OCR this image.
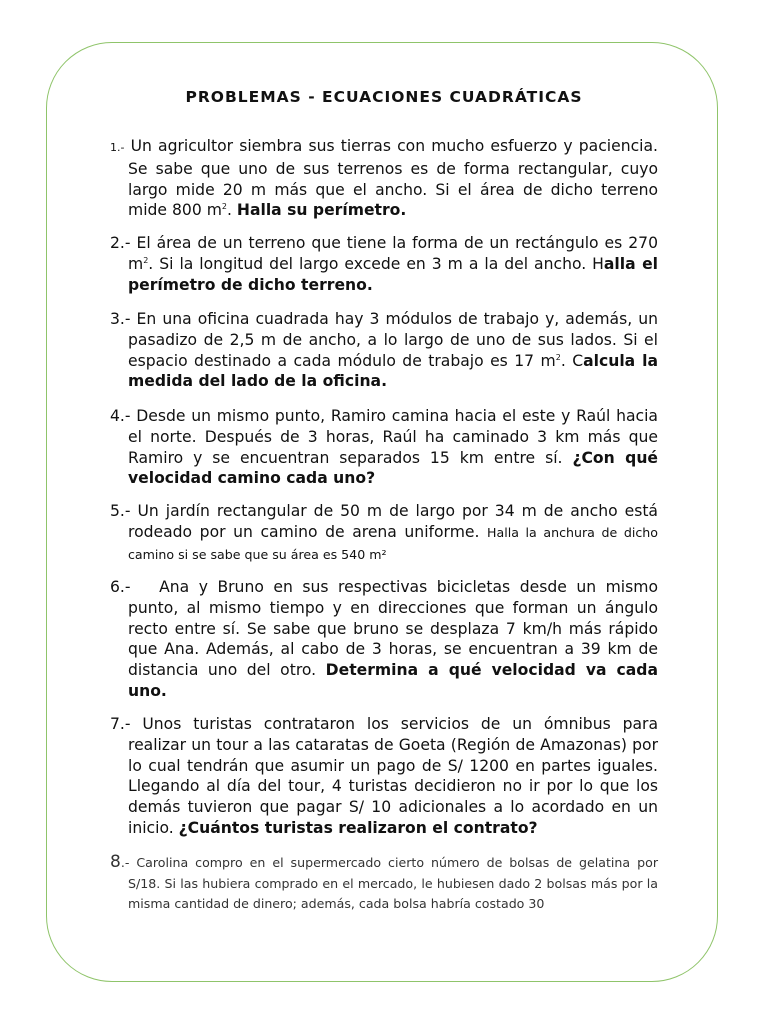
PROBLEMAS - ECUACIONES CUADRÁTICAS

1.- Un agricultor siembra sus tierras con mucho esfuerzo y paciencia. Se sabe que uno de sus terrenos es de forma rectangular, cuyo largo mide 20 m más que el ancho. Si el área de dicho terreno mide 800 $m^2$. Halla su perímetro.

2.- El área de un terreno que tiene la forma de un rectángulo es 270 $m^2$. Si la longitud del largo excede en 3 m a la del ancho. Halla el perímetro de dicho terreno.

3.- En una oficina cuadrada hay 3 módulos de trabajo y, además, un pasadizo de 2,5 m de ancho, a lo largo de uno de sus lados. Si el espacio destinado a cada módulo de trabajo es 17 $m^2$. Calcula la medida del lado de la oficina.

4.- Desde un mismo punto, Ramiro camina hacia el este y Raúl hacia el norte. Después de 3 horas, Raúl ha caminado 3 km más que Ramiro y se encuentran separados 15 km entre sí. ¿Con qué velocidad camino cada uno?

5.- Un jardín rectangular de 50 m de largo por 34 m de ancho está rodeado por un camino de arena uniforme. Halla la anchura de dicho camino si se sabe que su área es 540 m²

6.-   Ana y Bruno en sus respectivas bicicletas desde un mismo punto, al mismo tiempo y en direcciones que forman un ángulo recto entre sí. Se sabe que bruno se desplaza 7 km/h más rápido que Ana. Además, al cabo de 3 horas, se encuentran a 39 km de distancia uno del otro. Determina a qué velocidad va cada uno.

7.- Unos turistas contrataron los servicios de un ómnibus para realizar un tour a las cataratas de Goeta (Región de Amazonas) por lo cual tendrán que asumir un pago de S/ 1200 en partes iguales. Llegando al día del tour, 4 turistas decidieron no ir por lo que los demás tuvieron que pagar S/ 10 adicionales a lo acordado en un inicio. ¿Cuántos turistas realizaron el contrato?

8.- Carolina compro en el supermercado cierto número de bolsas de gelatina por S/18. Si las hubiera comprado en el mercado, le hubiesen dado 2 bolsas más por la misma cantidad de dinero; además, cada bolsa habría costado 30
